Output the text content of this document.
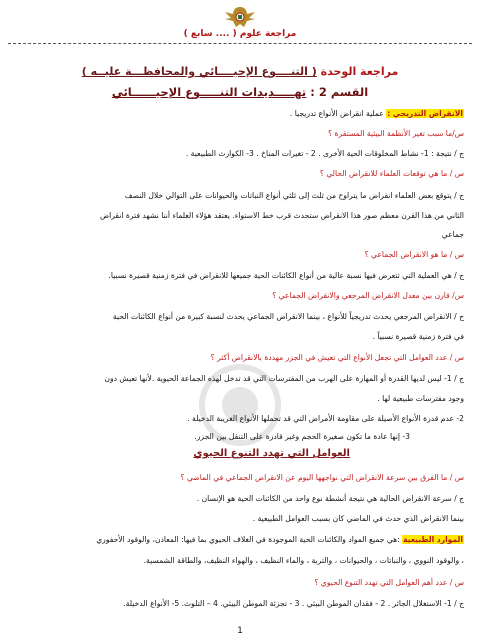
مراجعة علوم ( .... سابع )
مراجعة الوحدة ( التنــــوع الإحيــــائي والمحافظـــة عليــه )
القسم 2 : تهـــــديدات التنـــــوع الإحيــــــائي
الانقراض التدريجي : عملية انقراض الأنواع تدريجيا .
س/ما سبب تغير الأنظمة البيئية المستقرة ؟
ج / نتيجة : 1- نشاط المخلوقات الحية الأخرى . 2 - تغيرات المناخ . 3- الكوارث الطبيعية .
س / ما هي توقعات العلماء للانقراض الحالي ؟
ج / يتوقع بعض العلماء انقراض ما يتراوح من ثلث إلى ثلثي أنواع النباتات والحيوانات على التوالي خلال النصف
الثاني من هذا القرن معظم صور هذا الانقراض ستحدث قرب خط الاستواء. يعتقد هؤلاء العلماء أننا نشهد فترة انقراض
جماعي
س / ما هو الانقراض الجماعي ؟
ج / هي العملية التي تتعرض فيها نسبة عالية من أنواع الكائنات الحية جميعها للانقراض في فترة زمنية قصيرة نسبيا.
س/ قارن بين معدل الانقراض المرجعي والانقراض الجماعي ؟
ج / الانقراض المرجعي يحدث تدريجياً للأنواع ، بينما الانقراض الجماعي يحدث لنسبة كبيرة من أنواع الكائنات الحية
في فترة زمنية قصيرة نسبياً .
س / عدد العوامل التي تجعل الأنواع التي تعيش في الجزر مهددة بالانقراض أكثر ؟
ج / 1- ليس لديها القدرة أو المهارة على الهرب من المفترسات التي قد تدخل لهذه الجماعة الحيوية .لأنها تعيش دون
وجود مفترسات طبيعية لها .
2- عدم قدرة الأنواع الأصيلة على مقاومة الأمراض التي قد تحملها الأنواع الغريبة الدخيلة .
3- إنها عادة ما تكون صغيرة الحجم وغير قادرة على التنقل بين الجزر.
العوامل التي تهدد التنوع الحيوي
س / ما الفرق بين سرعة الانقراض التي نواجهها اليوم عن الانقراض الجماعي في الماضي ؟
ج / سرعة الانقراض الحالية هي نتيجة أنشطة نوع واحد من الكائنات الحية هو الإنسان .
بينما الانقراض الذي حدث في الماضي كان بسبب العوامل الطبيعية .
الموارد الطبيعية :هي جميع المواد والكائنات الحية الموجودة في الغلاف الحيوي بما فيها: المعادن، والوقود الأحفوري
، والوقود النووي ، والنباتات ، والحيوانات ، والتربة ، والماء النظيف ، والهواء النظيف، والطاقة الشمسية.
س / عدد أهم العوامل التي تهدد التنوع الحيوي ؟
ج / 1- الاستغلال الجائر . 2 - فقدان الموطن البيئي . 3 - تجزئة الموطن البيئي. 4 – التلوث. 5- الأنواع الدخيلة.
1
